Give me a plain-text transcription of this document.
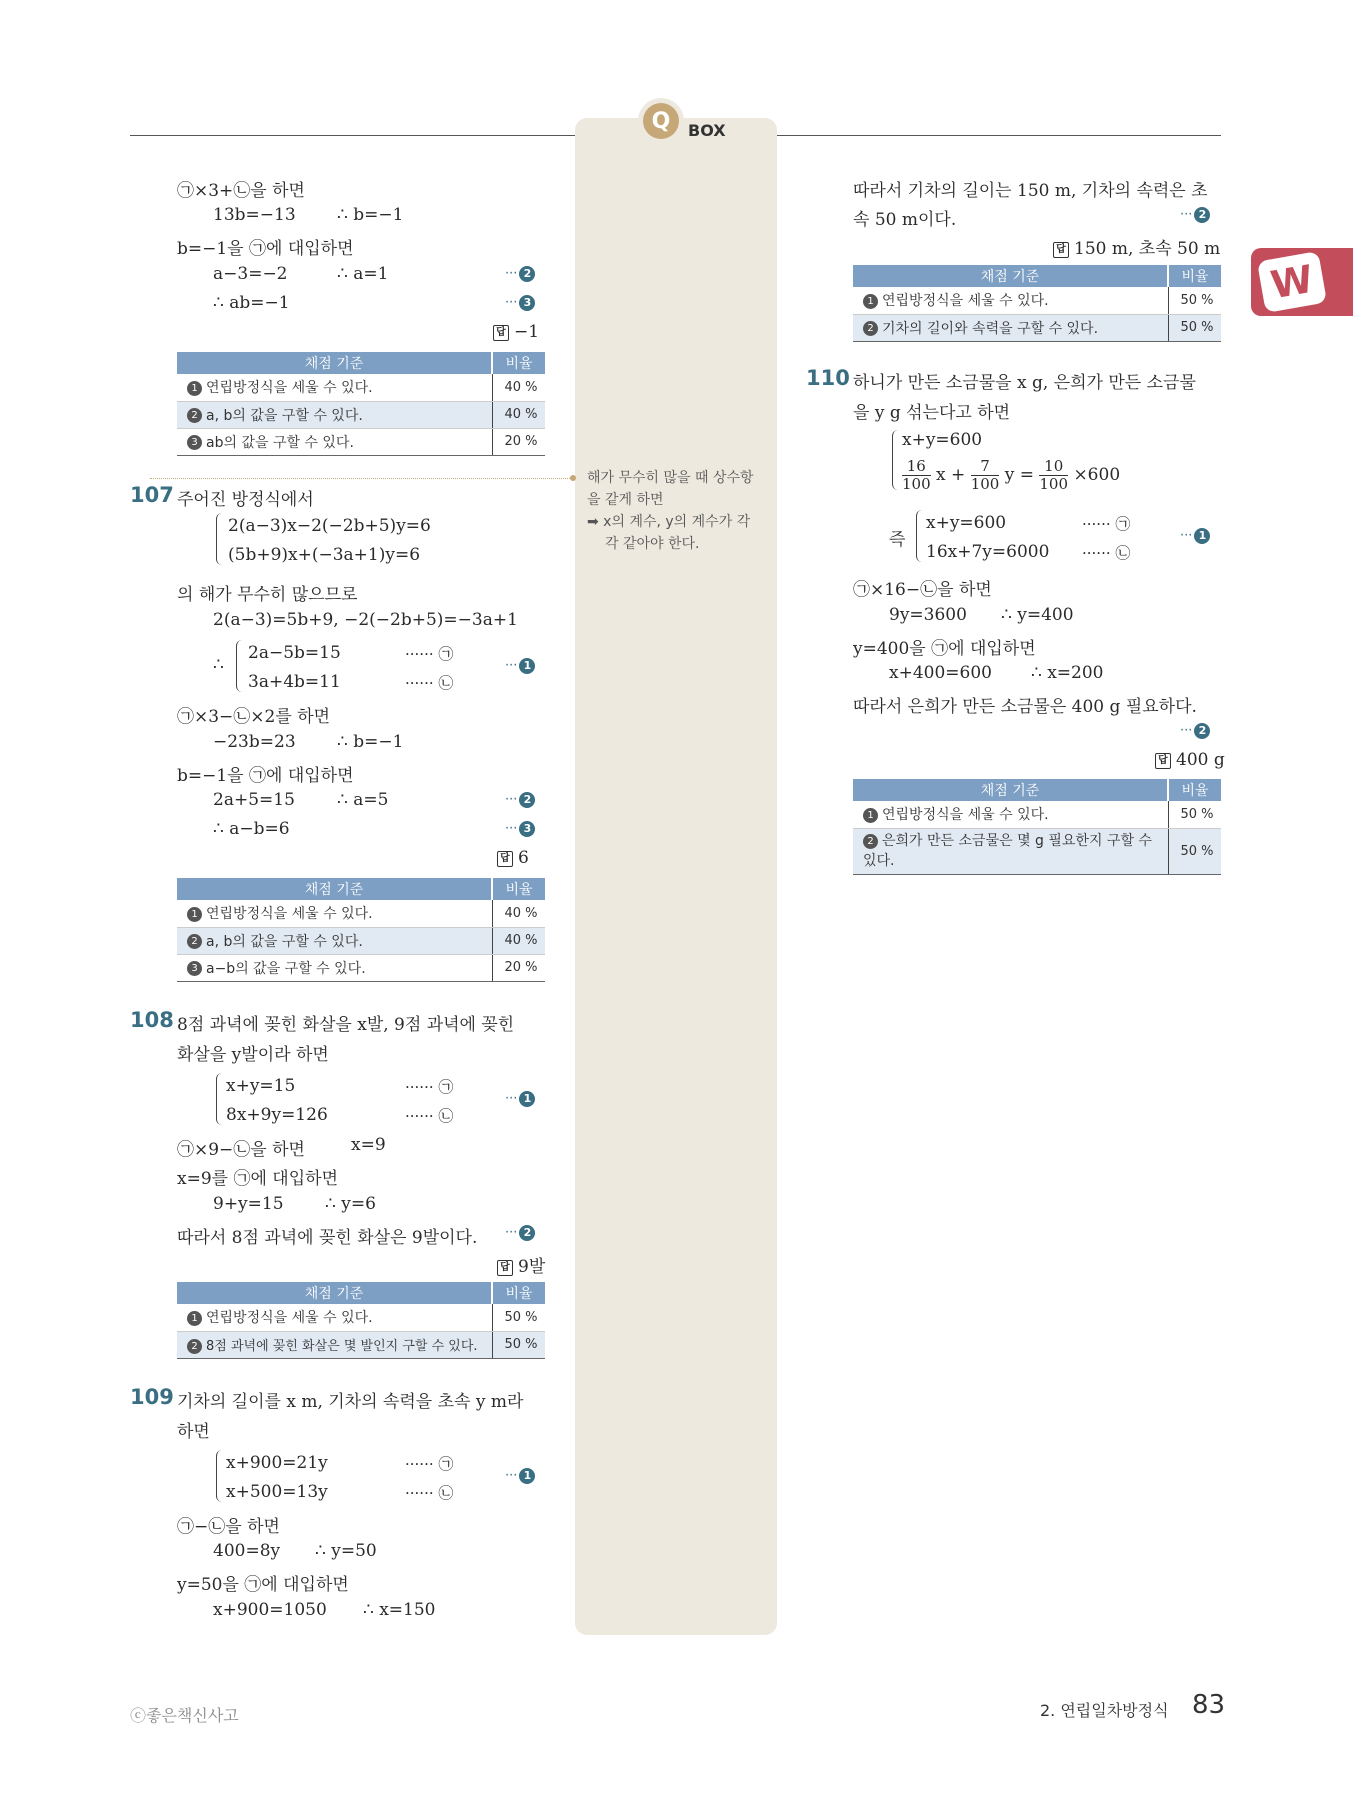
Q	BOX

해가 무수히 많을 때 상수항

을 같게 하면

➡ x의 계수, y의 계수가 각

각 같아야 한다.

W
㉠×3+㉡을 하면
13b=−13 ∴ b=−1
b=−1을 ㉠에 대입하면
a−3=−2	∴ a=1	··· 2
∴ ab=−1	··· 3
답 −1
채점 기준	비율
1 연립방정식을 세울 수 있다.	40 %
2 a, b의 값을 구할 수 있다.	40 %
3 ab의 값을 구할 수 있다.	20 %
107 주어진 방정식에서
2(a−3)x−2(−2b+5)y=6
(5b+9)x+(−3a+1)y=6
의 해가 무수히 많으므로
2(a−3)=5b+9, −2(−2b+5)=−3a+1
∴
2a−5b=15	······ ㉠
3a+4b=11	······ ㉡
··· 1
㉠×3−㉡×2를 하면
−23b=23 ∴ b=−1
b=−1을 ㉠에 대입하면
2a+5=15 ∴ a=5	··· 2
∴ a−b=6	··· 3
답 6
채점 기준	비율
1 연립방정식을 세울 수 있다.	40 %
2 a, b의 값을 구할 수 있다.	40 %
3 a−b의 값을 구할 수 있다.	20 %
108 8점 과녁에 꽂힌 화살을 x발, 9점 과녁에 꽂힌
화살을 y발이라 하면
x+y=15	······ ㉠
8x+9y=126	······ ㉡
··· 1
㉠×9−㉡을 하면	x=9
x=9를 ㉠에 대입하면
9+y=15 ∴ y=6
따라서 8점 과녁에 꽂힌 화살은 9발이다. ··· 2
답 9발
채점 기준	비율
1 연립방정식을 세울 수 있다.	50 %
2 8점 과녁에 꽂힌 화살은 몇 발인지 구할 수 있다.	50 %
109 기차의 길이를 x m, 기차의 속력을 초속 y m라
하면
x+900=21y	······ ㉠
x+500=13y	······ ㉡
··· 1
㉠−㉡을 하면
400=8y ∴ y=50
y=50을 ㉠에 대입하면
x+900=1050 ∴ x=150
따라서 기차의 길이는 150 m, 기차의 속력은 초
속 50 m이다.	··· 2
답 150 m, 초속 50 m
채점 기준	비율
1 연립방정식을 세울 수 있다.	50 %
2 기차의 길이와 속력을 구할 수 있다.	50 %
110 하니가 만든 소금물을 x g, 은희가 만든 소금물
을 y g 섞는다고 하면
x+y=600
$\frac{16}{100}$ $x + \frac{7}{100}$ $y = \frac{10}{100} \times 600$
즉
x+y=600	······ ㉠
16x+7y=6000 ······ ㉡
··· 1
㉠×16−㉡을 하면
9y=3600 ∴ y=400
y=400을 ㉠에 대입하면
x+400=600 ∴ x=200
따라서 은희가 만든 소금물은 400 g 필요하다.
··· 2
답 400 g
채점 기준	비율
1 연립방정식을 세울 수 있다.	50 %
2 은희가 만든 소금물은 몇 g 필요한지 구할 수 있다.	50 %
ⓒ좋은책신사고	2. 연립일차방정식 83
